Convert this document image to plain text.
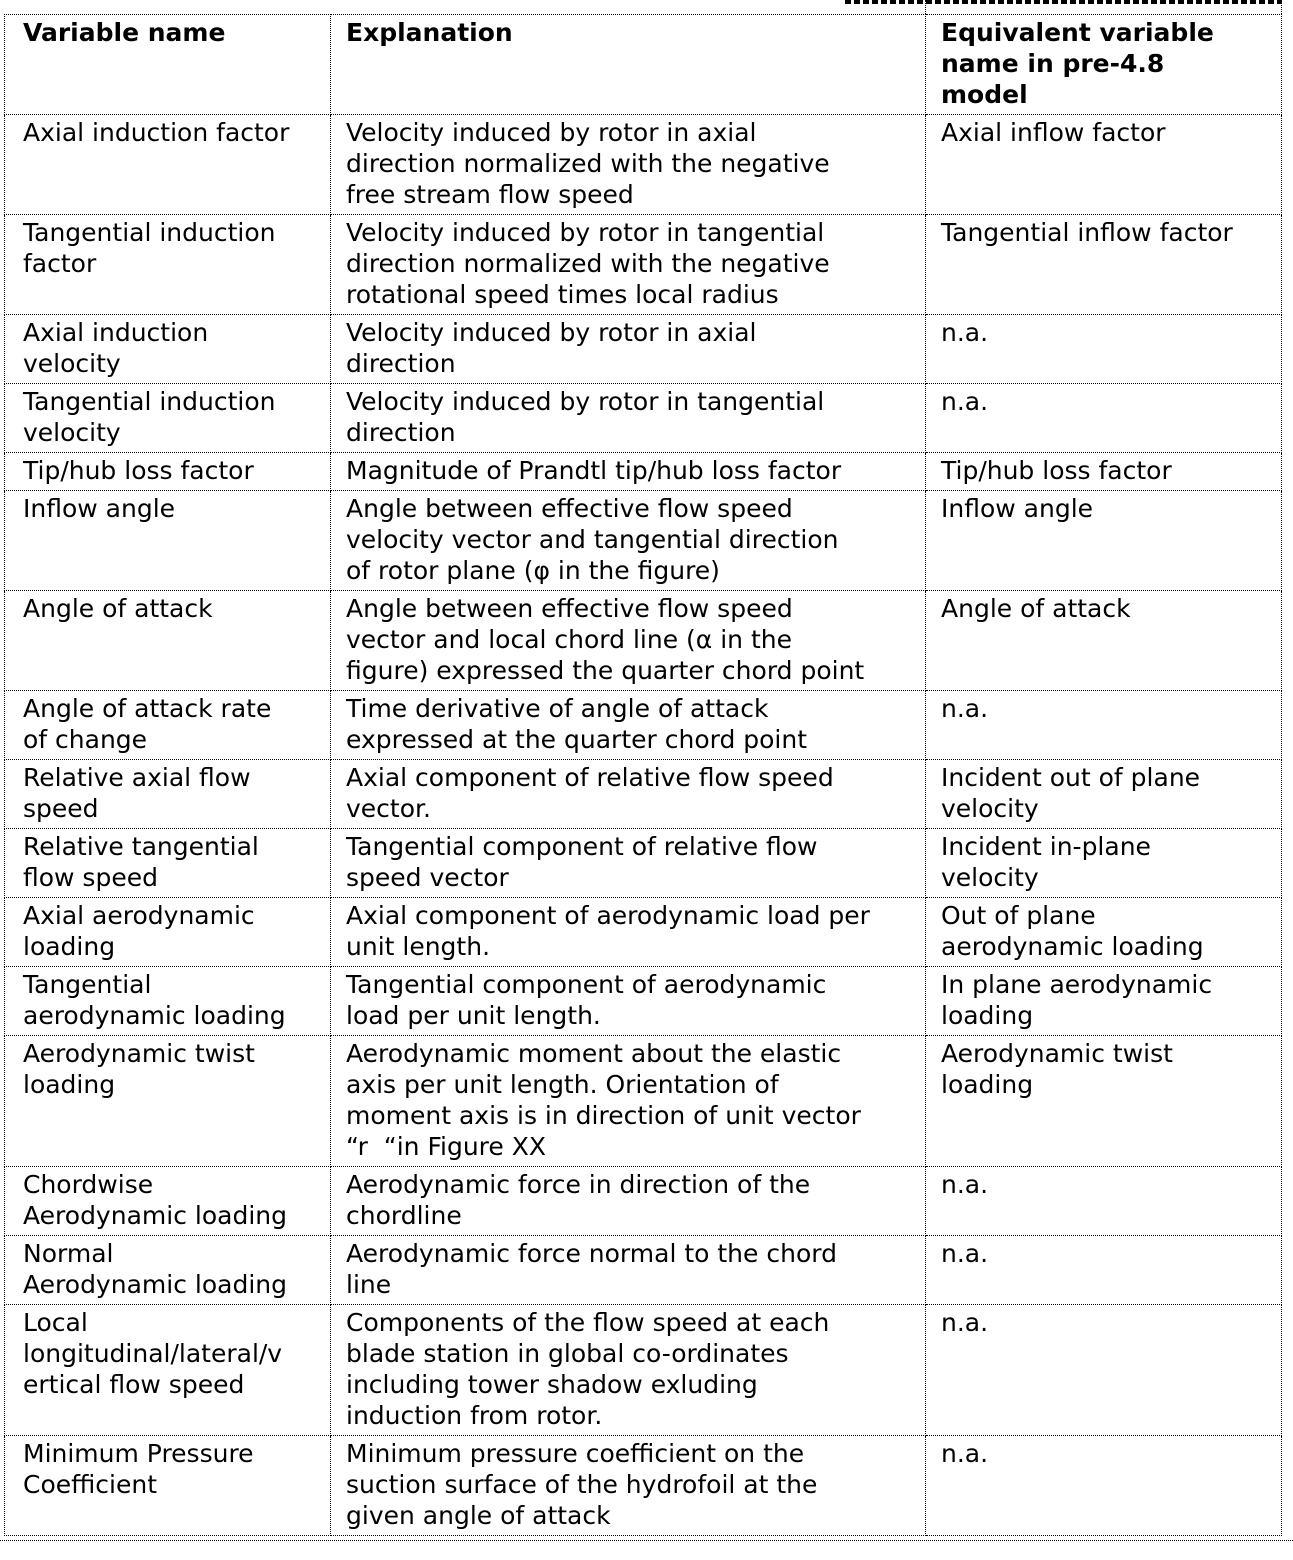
Variable name	Explanation	Equivalent variable name in pre-4.8 model
Axial induction factor	Velocity induced by rotor in axial direction normalized with the negative free stream flow speed	Axial inflow factor
Tangential induction factor	Velocity induced by rotor in tangential direction normalized with the negative rotational speed times local radius	Tangential inflow factor
Axial induction velocity	Velocity induced by rotor in axial direction	n.a.
Tangential induction velocity	Velocity induced by rotor in tangential direction	n.a.
Tip/hub loss factor	Magnitude of Prandtl tip/hub loss factor	Tip/hub loss factor
Inflow angle	Angle between effective flow speed velocity vector and tangential direction of rotor plane (φ in the figure)	Inflow angle
Angle of attack	Angle between effective flow speed vector and local chord line (α in the figure) expressed the quarter chord point	Angle of attack
Angle of attack rate of change	Time derivative of angle of attack expressed at the quarter chord point	n.a.
Relative axial flow speed	Axial component of relative flow speed vector.	Incident out of plane velocity
Relative tangential flow speed	Tangential component of relative flow speed vector	Incident in-plane velocity
Axial aerodynamic loading	Axial component of aerodynamic load per unit length.	Out of plane aerodynamic loading
Tangential aerodynamic loading	Tangential component of aerodynamic load per unit length.	In plane aerodynamic loading
Aerodynamic twist loading	Aerodynamic moment about the elastic axis per unit length. Orientation of moment axis is in direction of unit vector “r  “in Figure XX	Aerodynamic twist loading
Chordwise Aerodynamic loading	Aerodynamic force in direction of the chordline	n.a.
Normal  Aerodynamic loading	Aerodynamic force normal to the chord line	n.a.
Local longitudinal/lateral/vertical flow speed	Components of the flow speed at each blade station in global co-ordinates including tower shadow exluding induction from rotor.	n.a.
Minimum Pressure Coefficient	Minimum pressure coefficient on the suction surface of the hydrofoil at the given angle of attack	n.a.
